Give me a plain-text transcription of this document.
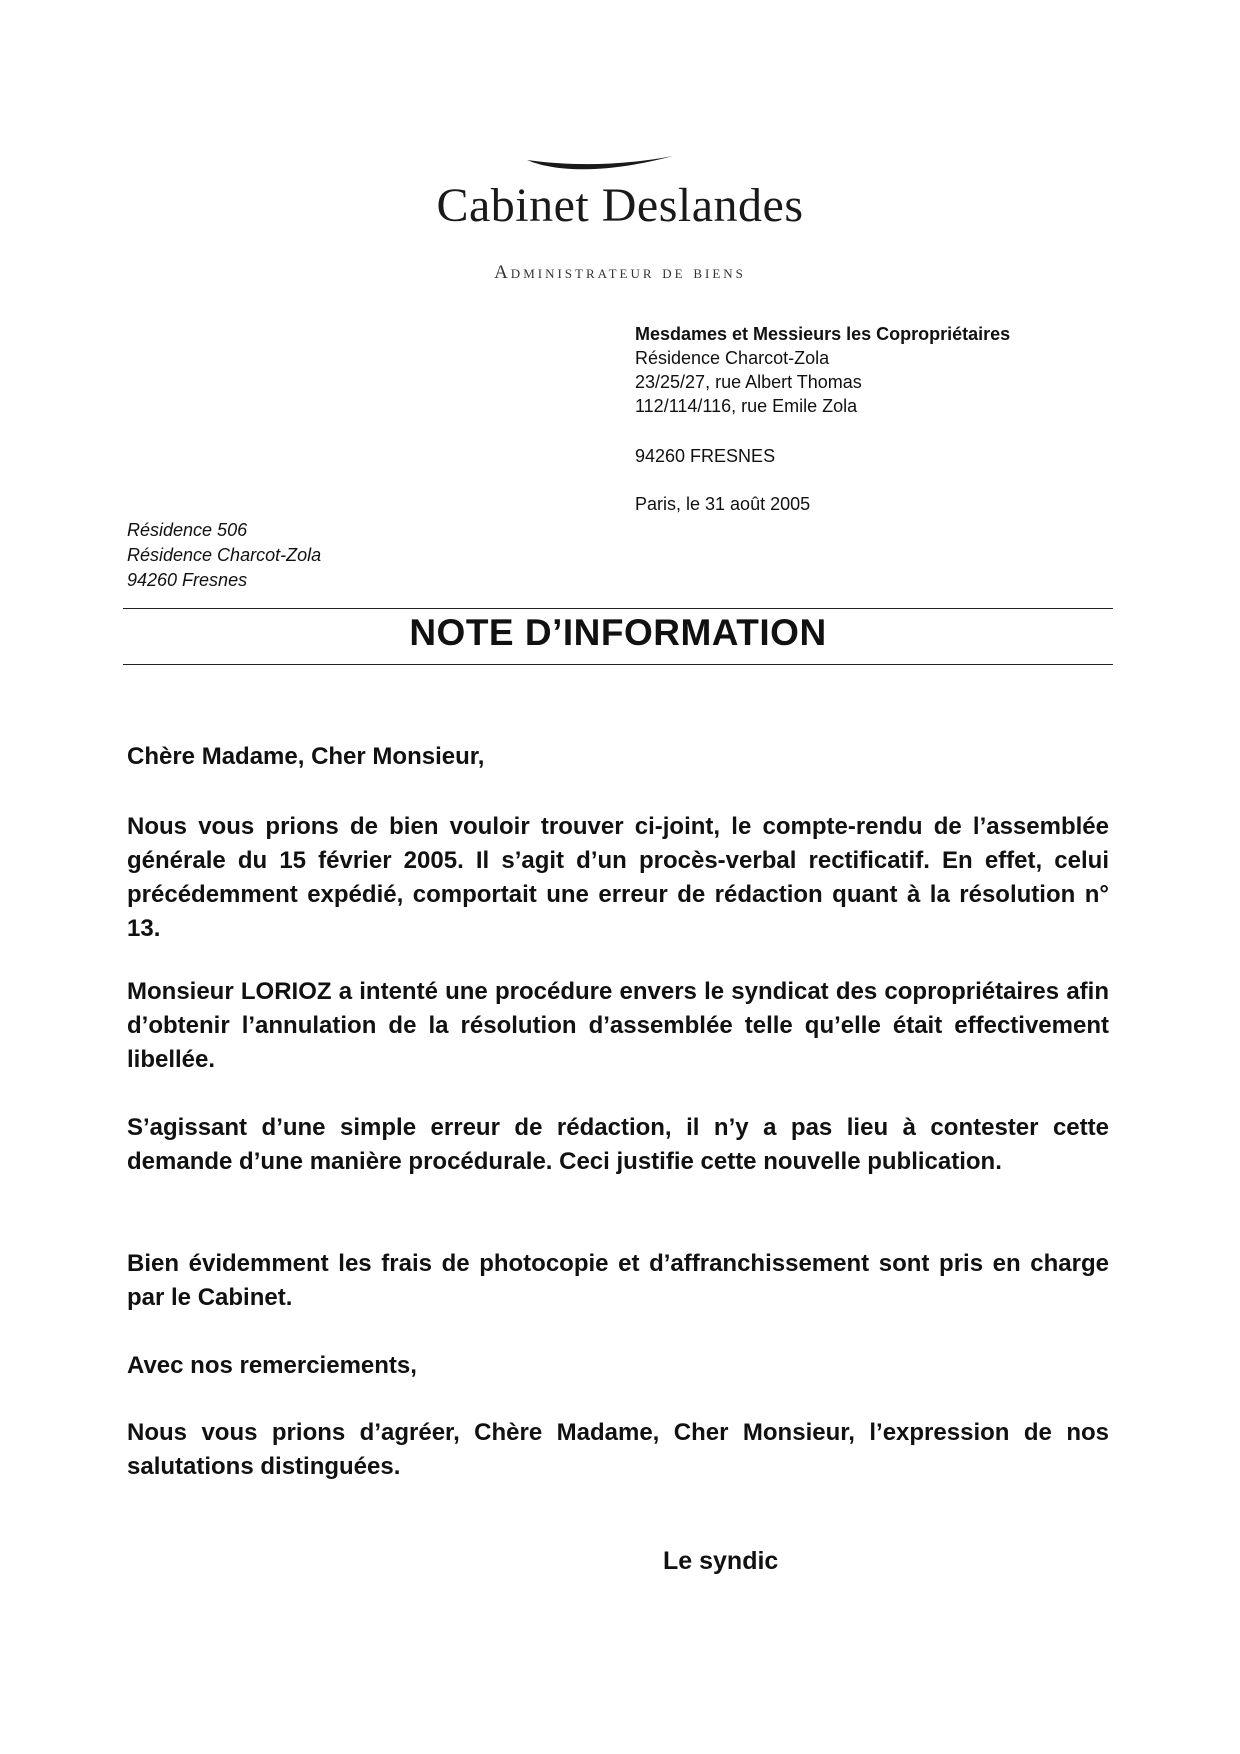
Cabinet Deslandes
Administrateur de biens
Mesdames et Messieurs les Copropriétaires
Résidence Charcot-Zola
23/25/27, rue Albert Thomas
112/114/116, rue Emile Zola
94260 FRESNES
Paris, le 31 août 2005
Résidence 506
Résidence Charcot-Zola
94260 Fresnes
NOTE D’INFORMATION
Chère Madame, Cher Monsieur,
Nous vous prions de bien vouloir trouver ci-joint, le compte-rendu de l’assemblée générale du 15 février 2005. Il s’agit d’un procès-verbal rectificatif. En effet, celui précédemment expédié, comportait une erreur de rédaction quant à la résolution n° 13.
Monsieur LORIOZ a intenté une procédure envers le syndicat des copropriétaires afin d’obtenir l’annulation de la résolution d’assemblée telle qu’elle était effectivement libellée.
S’agissant d’une simple erreur de rédaction, il n’y a pas lieu à contester cette demande d’une manière procédurale. Ceci justifie cette nouvelle publication.
Bien évidemment les frais de photocopie et d’affranchissement sont pris en charge par le Cabinet.
Avec nos remerciements,
Nous vous prions d’agréer, Chère Madame, Cher Monsieur, l’expression de nos salutations distinguées.
Le syndic
